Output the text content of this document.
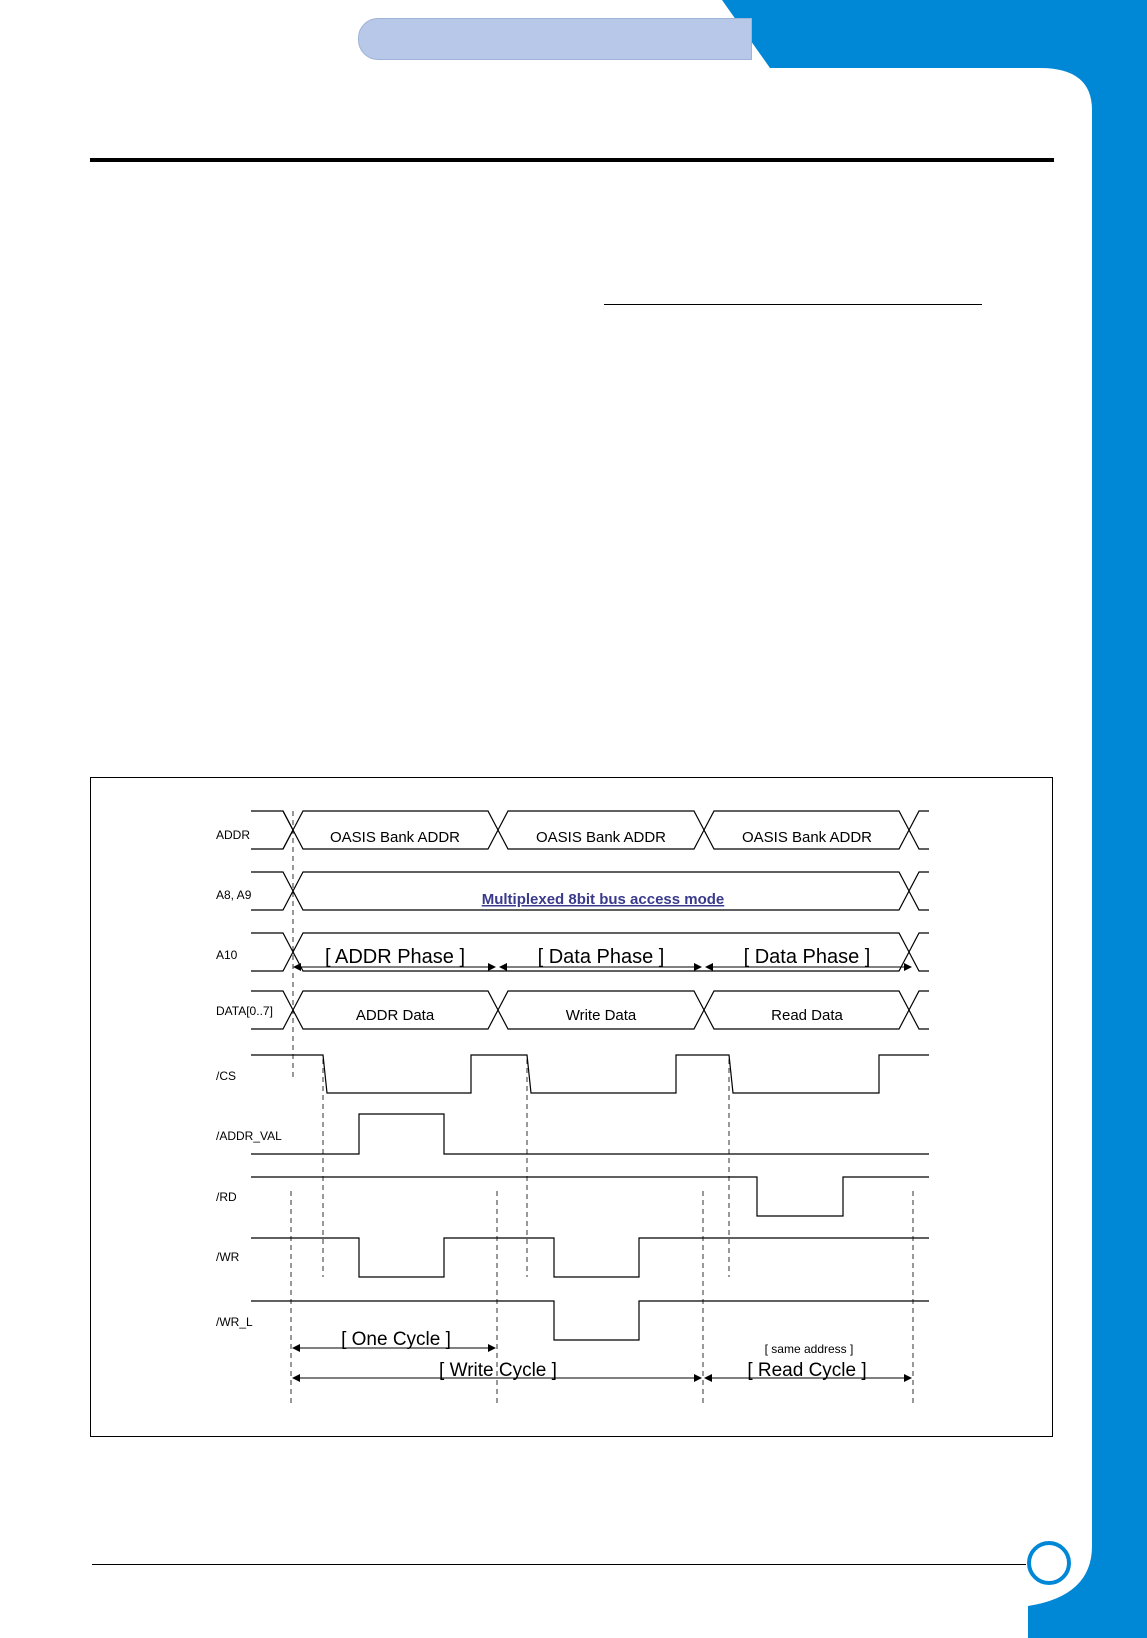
ADDR
A8, A9
A10
DATA[0..7]
/CS
/ADDR_VAL
/RD
/WR
/WR_L
OASIS Bank ADDR	OASIS Bank ADDR	OASIS Bank ADDR
Multiplexed 8bit bus access mode
[ ADDR Phase ]	[ Data Phase ]	[ Data Phase ]
ADDR Data	Write Data	Read Data
[ One Cycle ]
[ Write Cycle ]	[ Read Cycle ]
[ same address ]
